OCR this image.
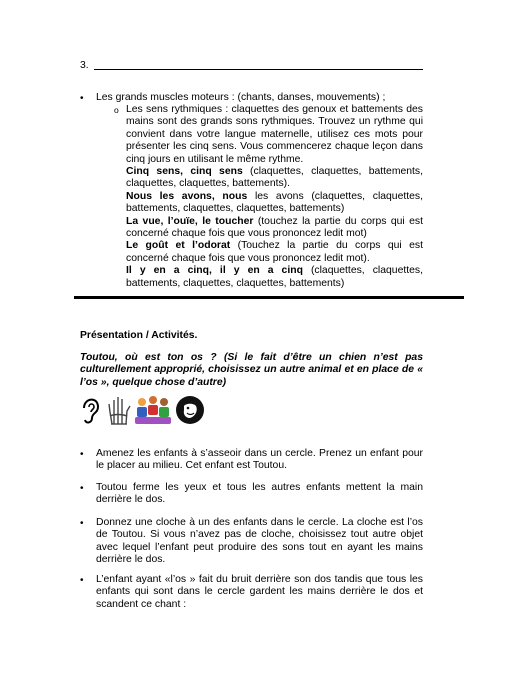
3.
•
Les grands muscles moteurs : (chants, danses, mouvements) ;
o
Les sens rythmiques : claquettes des genoux et battements des mains sont des grands sons rythmiques. Trouvez un rythme qui convient dans votre langue maternelle, utilisez ces mots pour présenter les cinq sens. Vous commencerez chaque leçon dans cinq jours en utilisant le même rythme.
Cinq sens, cinq sens (claquettes, claquettes, battements, claquettes, claquettes, battements).
Nous les avons, nous les avons (claquettes, claquettes, battements, claquettes, claquettes, battements)
La vue, l’ouïe, le toucher (touchez la partie du corps qui est concerné chaque fois que vous prononcez ledit mot)
Le goût et l’odorat (Touchez la partie du corps qui est concerné chaque fois que vous prononcez ledit mot).
Il y en a cinq, il y en a cinq (claquettes, claquettes, battements, claquettes, claquettes, battements)
Présentation / Activités.
Toutou, où est ton os ? (Si le fait d’être un chien n’est pas culturellement approprié, choisissez un autre animal et en place de « l’os », quelque chose d’autre)
•
Amenez les enfants à s’asseoir dans un cercle. Prenez un enfant pour le placer au milieu. Cet enfant est Toutou.
•
Toutou ferme les yeux et tous les autres enfants mettent la main derrière le dos.
•
Donnez une cloche à un des enfants dans le cercle. La cloche est l’os de Toutou. Si vous n’avez pas de cloche, choisissez tout autre objet avec lequel l’enfant peut produire des sons tout en ayant les mains derrière le dos.
•
L’enfant ayant «l’os » fait du bruit derrière son dos tandis que tous les enfants qui sont dans le cercle gardent les mains derrière le dos et scandent ce chant :
